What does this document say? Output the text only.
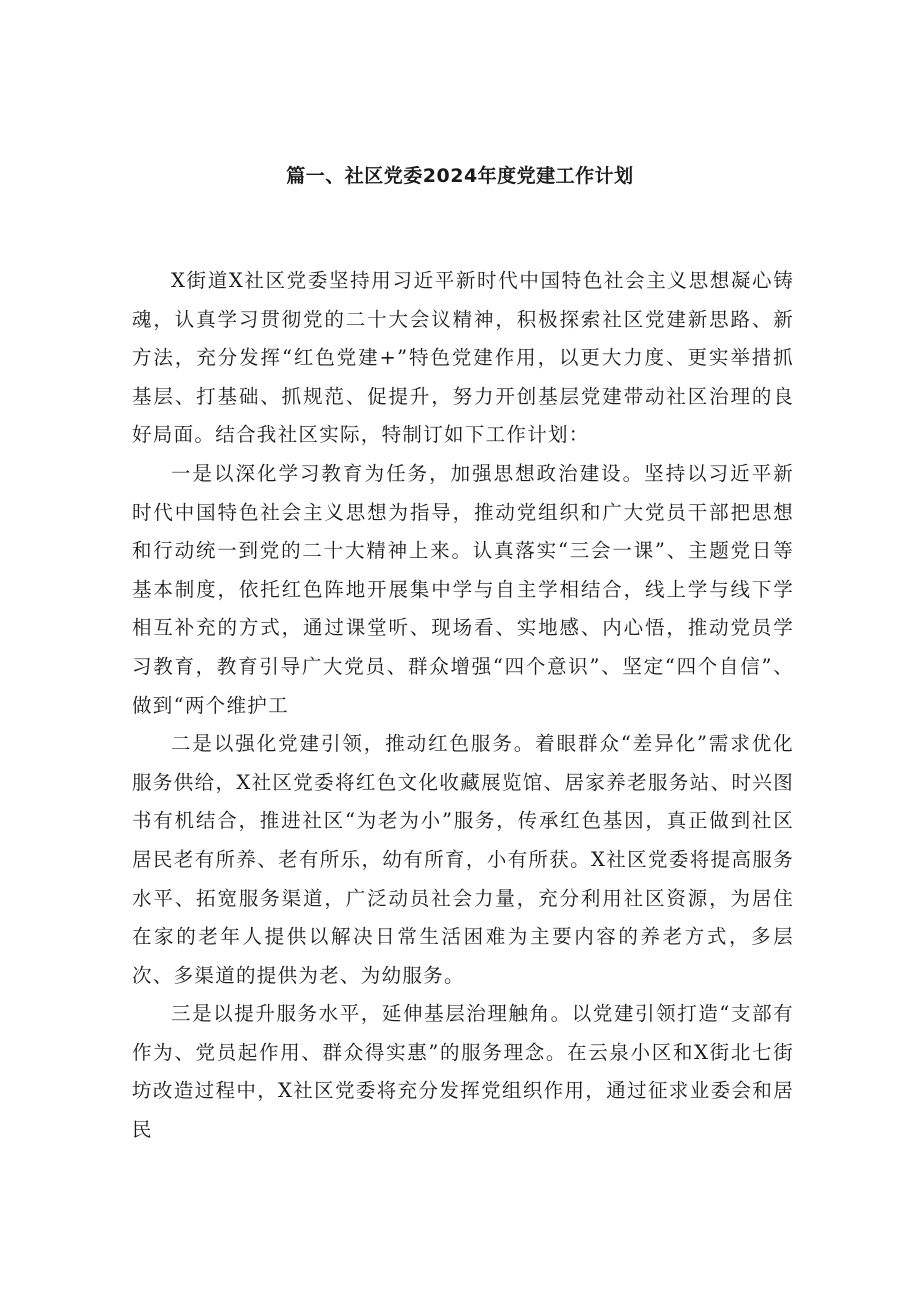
篇一、社区党委2024年度党建工作计划

X街道X社区党委坚持用习近平新时代中国特色社会主义思想凝心铸魂，认真学习贯彻党的二十大会议精神，积极探索社区党建新思路、新方法，充分发挥“红色党建+”特色党建作用，以更大力度、更实举措抓基层、打基础、抓规范、促提升，努力开创基层党建带动社区治理的良好局面。结合我社区实际，特制订如下工作计划：

一是以深化学习教育为任务，加强思想政治建设。坚持以习近平新时代中国特色社会主义思想为指导，推动党组织和广大党员干部把思想和行动统一到党的二十大精神上来。认真落实“三会一课”、主题党日等基本制度，依托红色阵地开展集中学与自主学相结合，线上学与线下学相互补充的方式，通过课堂听、现场看、实地感、内心悟，推动党员学习教育，教育引导广大党员、群众增强“四个意识”、坚定“四个自信”、做到“两个维护工

二是以强化党建引领，推动红色服务。着眼群众“差异化”需求优化服务供给，X社区党委将红色文化收藏展览馆、居家养老服务站、时兴图书有机结合，推进社区“为老为小”服务，传承红色基因，真正做到社区居民老有所养、老有所乐，幼有所育，小有所获。X社区党委将提高服务水平、拓宽服务渠道，广泛动员社会力量，充分利用社区资源，为居住在家的老年人提供以解决日常生活困难为主要内容的养老方式，多层次、多渠道的提供为老、为幼服务。

三是以提升服务水平，延伸基层治理触角。以党建引领打造“支部有作为、党员起作用、群众得实惠”的服务理念。在云泉小区和X街北七街坊改造过程中，X社区党委将充分发挥党组织作用，通过征求业委会和居民
